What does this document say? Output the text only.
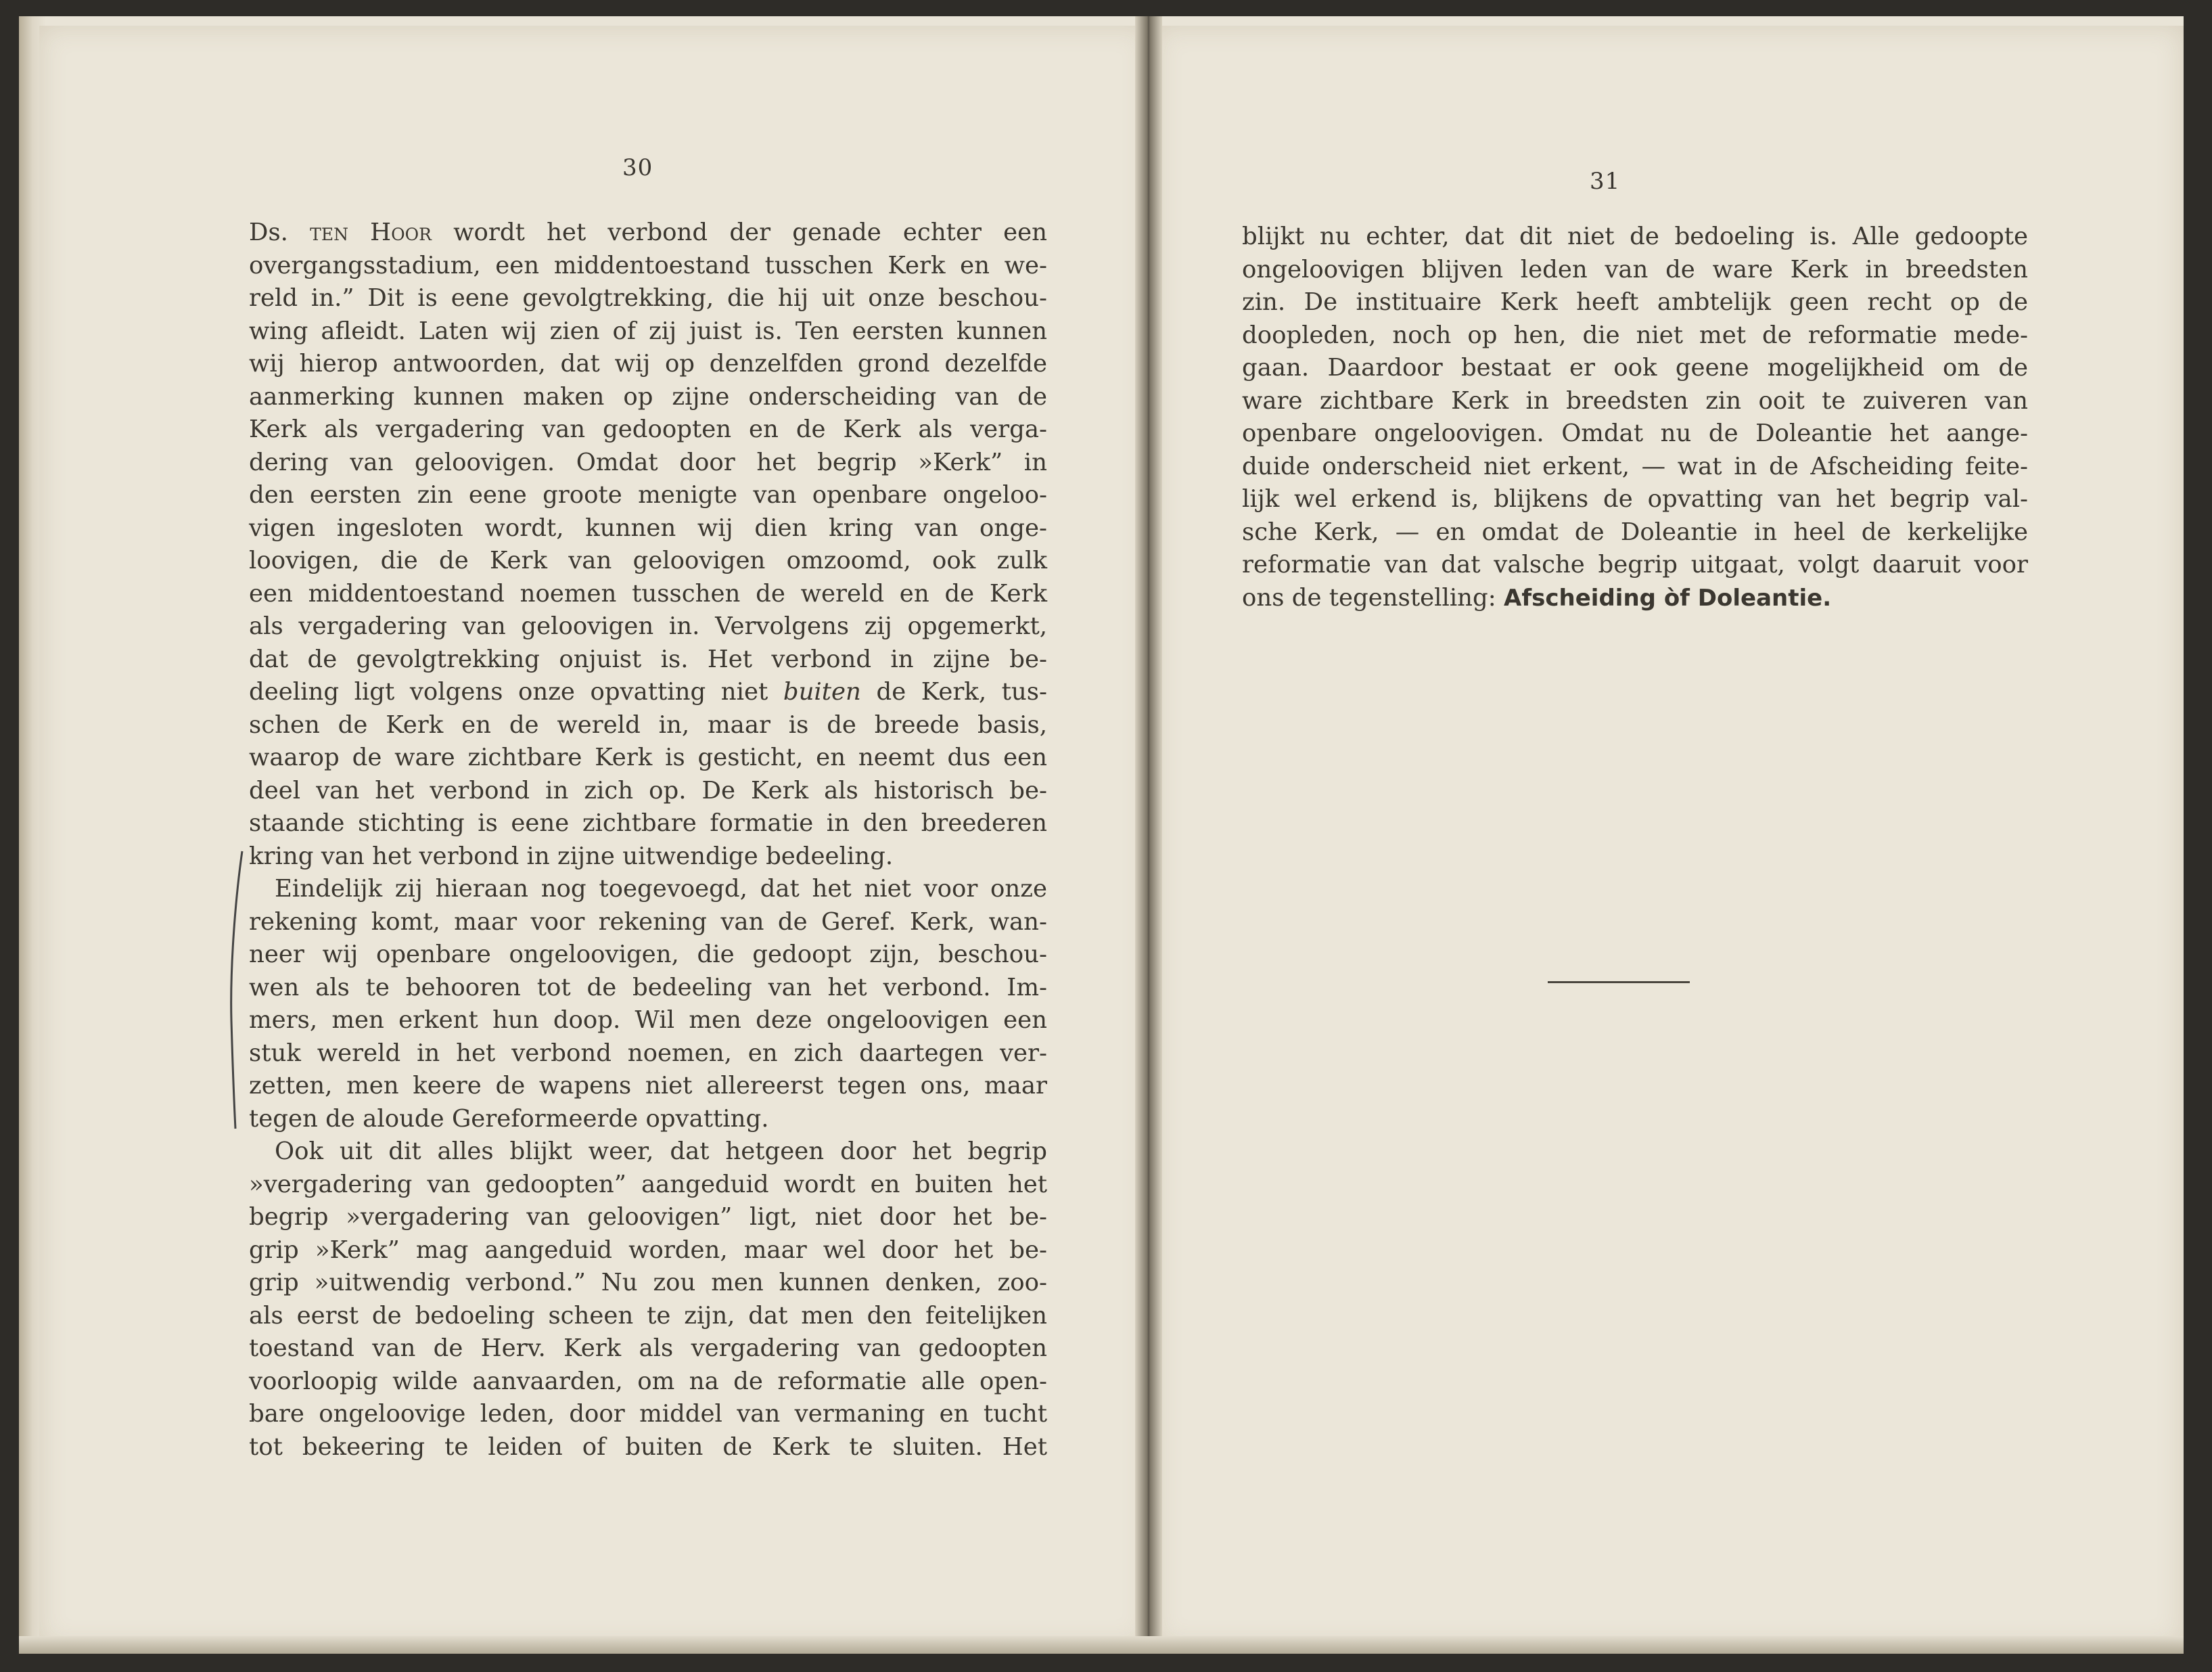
30
Ds. ten Hoor wordt het verbond der genade echter een
overgangsstadium, een middentoestand tusschen Kerk en we-
reld in.” Dit is eene gevolgtrekking, die hij uit onze beschou-
wing afleidt. Laten wij zien of zij juist is. Ten eersten kunnen
wij hierop antwoorden, dat wij op denzelfden grond dezelfde
aanmerking kunnen maken op zijne onderscheiding van de
Kerk als vergadering van gedoopten en de Kerk als verga-
dering van geloovigen. Omdat door het begrip »Kerk” in
den eersten zin eene groote menigte van openbare ongeloo-
vigen ingesloten wordt, kunnen wij dien kring van onge-
loovigen, die de Kerk van geloovigen omzoomd, ook zulk
een middentoestand noemen tusschen de wereld en de Kerk
als vergadering van geloovigen in. Vervolgens zij opgemerkt,
dat de gevolgtrekking onjuist is. Het verbond in zijne be-
deeling ligt volgens onze opvatting niet buiten de Kerk, tus-
schen de Kerk en de wereld in, maar is de breede basis,
waarop de ware zichtbare Kerk is gesticht, en neemt dus een
deel van het verbond in zich op. De Kerk als historisch be-
staande stichting is eene zichtbare formatie in den breederen
kring van het verbond in zijne uitwendige bedeeling.
Eindelijk zij hieraan nog toegevoegd, dat het niet voor onze
rekening komt, maar voor rekening van de Geref. Kerk, wan-
neer wij openbare ongeloovigen, die gedoopt zijn, beschou-
wen als te behooren tot de bedeeling van het verbond. Im-
mers, men erkent hun doop. Wil men deze ongeloovigen een
stuk wereld in het verbond noemen, en zich daartegen ver-
zetten, men keere de wapens niet allereerst tegen ons, maar
tegen de aloude Gereformeerde opvatting.
Ook uit dit alles blijkt weer, dat hetgeen door het begrip
»vergadering van gedoopten” aangeduid wordt en buiten het
begrip »vergadering van geloovigen” ligt, niet door het be-
grip »Kerk” mag aangeduid worden, maar wel door het be-
grip »uitwendig verbond.” Nu zou men kunnen denken, zoo-
als eerst de bedoeling scheen te zijn, dat men den feitelijken
toestand van de Herv. Kerk als vergadering van gedoopten
voorloopig wilde aanvaarden, om na de reformatie alle open-
bare ongeloovige leden, door middel van vermaning en tucht
tot bekeering te leiden of buiten de Kerk te sluiten. Het
31
blijkt nu echter, dat dit niet de bedoeling is. Alle gedoopte
ongeloovigen blijven leden van de ware Kerk in breedsten
zin. De instituaire Kerk heeft ambtelijk geen recht op de
doopleden, noch op hen, die niet met de reformatie mede-
gaan. Daardoor bestaat er ook geene mogelijkheid om de
ware zichtbare Kerk in breedsten zin ooit te zuiveren van
openbare ongeloovigen. Omdat nu de Doleantie het aange-
duide onderscheid niet erkent, — wat in de Afscheiding feite-
lijk wel erkend is, blijkens de opvatting van het begrip val-
sche Kerk, — en omdat de Doleantie in heel de kerkelijke
reformatie van dat valsche begrip uitgaat, volgt daaruit voor
ons de tegenstelling: Afscheiding òf Doleantie.
